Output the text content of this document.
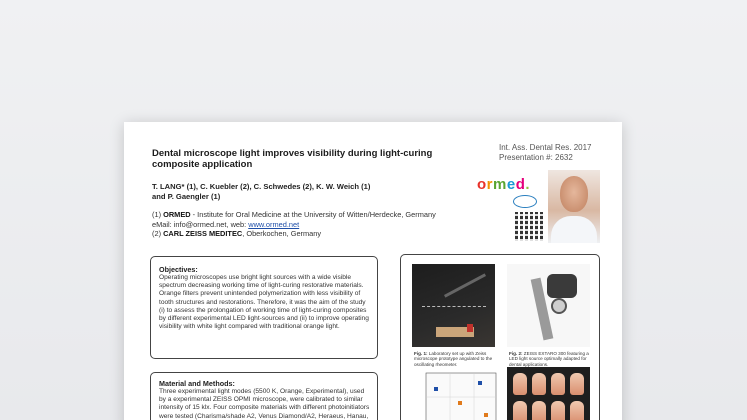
Dental microscope light improves visibility during light-curing composite application
Int. Ass. Dental Res. 2017
Presentation #: 2632
T. LANG* (1), C. Kuebler (2), C. Schwedes (2), K. W. Weich (1)
and P. Gaengler (1)
(1) ORMED - Institute for Oral Medicine at the University of Witten/Herdecke, Germany
eMail: info@ormed.net, web: www.ormed.net
(2) CARL ZEISS MEDITEC, Oberkochen, Germany
ormed.
Objectives:
Operating microscopes use bright light sources with a wide visible spectrum decreasing working time of light-curing restorative materials. Orange filters prevent unintended polymerization with less visibility of tooth structures and restorations. Therefore, it was the aim of the study (i) to assess the prolongation of working time of light-curing composites by different experimental LED light-sources and (ii) to improve operating visibility with white light compared with traditional orange light.
Material and Methods:
Three experimental light modes (5500 K, Orange, Experimental), used by a experimental ZEISS OPMI microscope, were calibrated to similar intensity of 15 klx. Four composite materials with different photoinitiators were tested (Charisma/shade A2, Venus Diamond/A2, Heraeus, Hanau,
Fig. 1: Laboratory set up with Zeiss microscope prototype angulated to the oscillating rheometer.
Fig. 2: ZEISS EXTARO 300 featuring a LED light source optimally adapted for dental applications.
